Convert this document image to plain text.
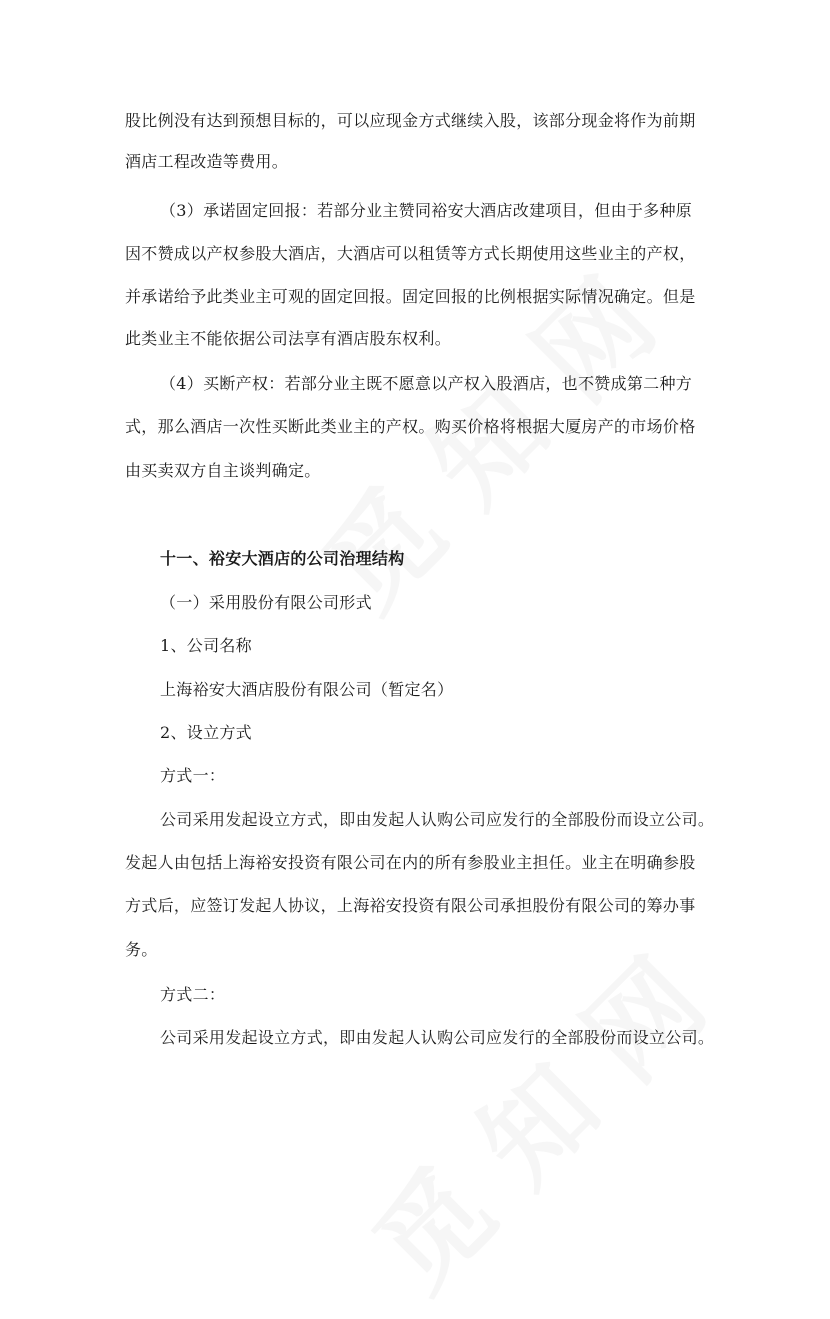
股比例没有达到预想目标的，可以应现金方式继续入股，该部分现金将作为前期
酒店工程改造等费用。
（3）承诺固定回报：若部分业主赞同裕安大酒店改建项目，但由于多种原
因不赞成以产权参股大酒店，大酒店可以租赁等方式长期使用这些业主的产权，
并承诺给予此类业主可观的固定回报。固定回报的比例根据实际情况确定。但是
此类业主不能依据公司法享有酒店股东权利。
（4）买断产权：若部分业主既不愿意以产权入股酒店，也不赞成第二种方
式，那么酒店一次性买断此类业主的产权。购买价格将根据大厦房产的市场价格
由买卖双方自主谈判确定。
十一、裕安大酒店的公司治理结构
（一）采用股份有限公司形式
1、公司名称
上海裕安大酒店股份有限公司（暂定名）
2、设立方式
方式一：
公司采用发起设立方式，即由发起人认购公司应发行的全部股份而设立公司。
发起人由包括上海裕安投资有限公司在内的所有参股业主担任。业主在明确参股
方式后，应签订发起人协议，上海裕安投资有限公司承担股份有限公司的筹办事
务。
方式二：
公司采用发起设立方式，即由发起人认购公司应发行的全部股份而设立公司。
